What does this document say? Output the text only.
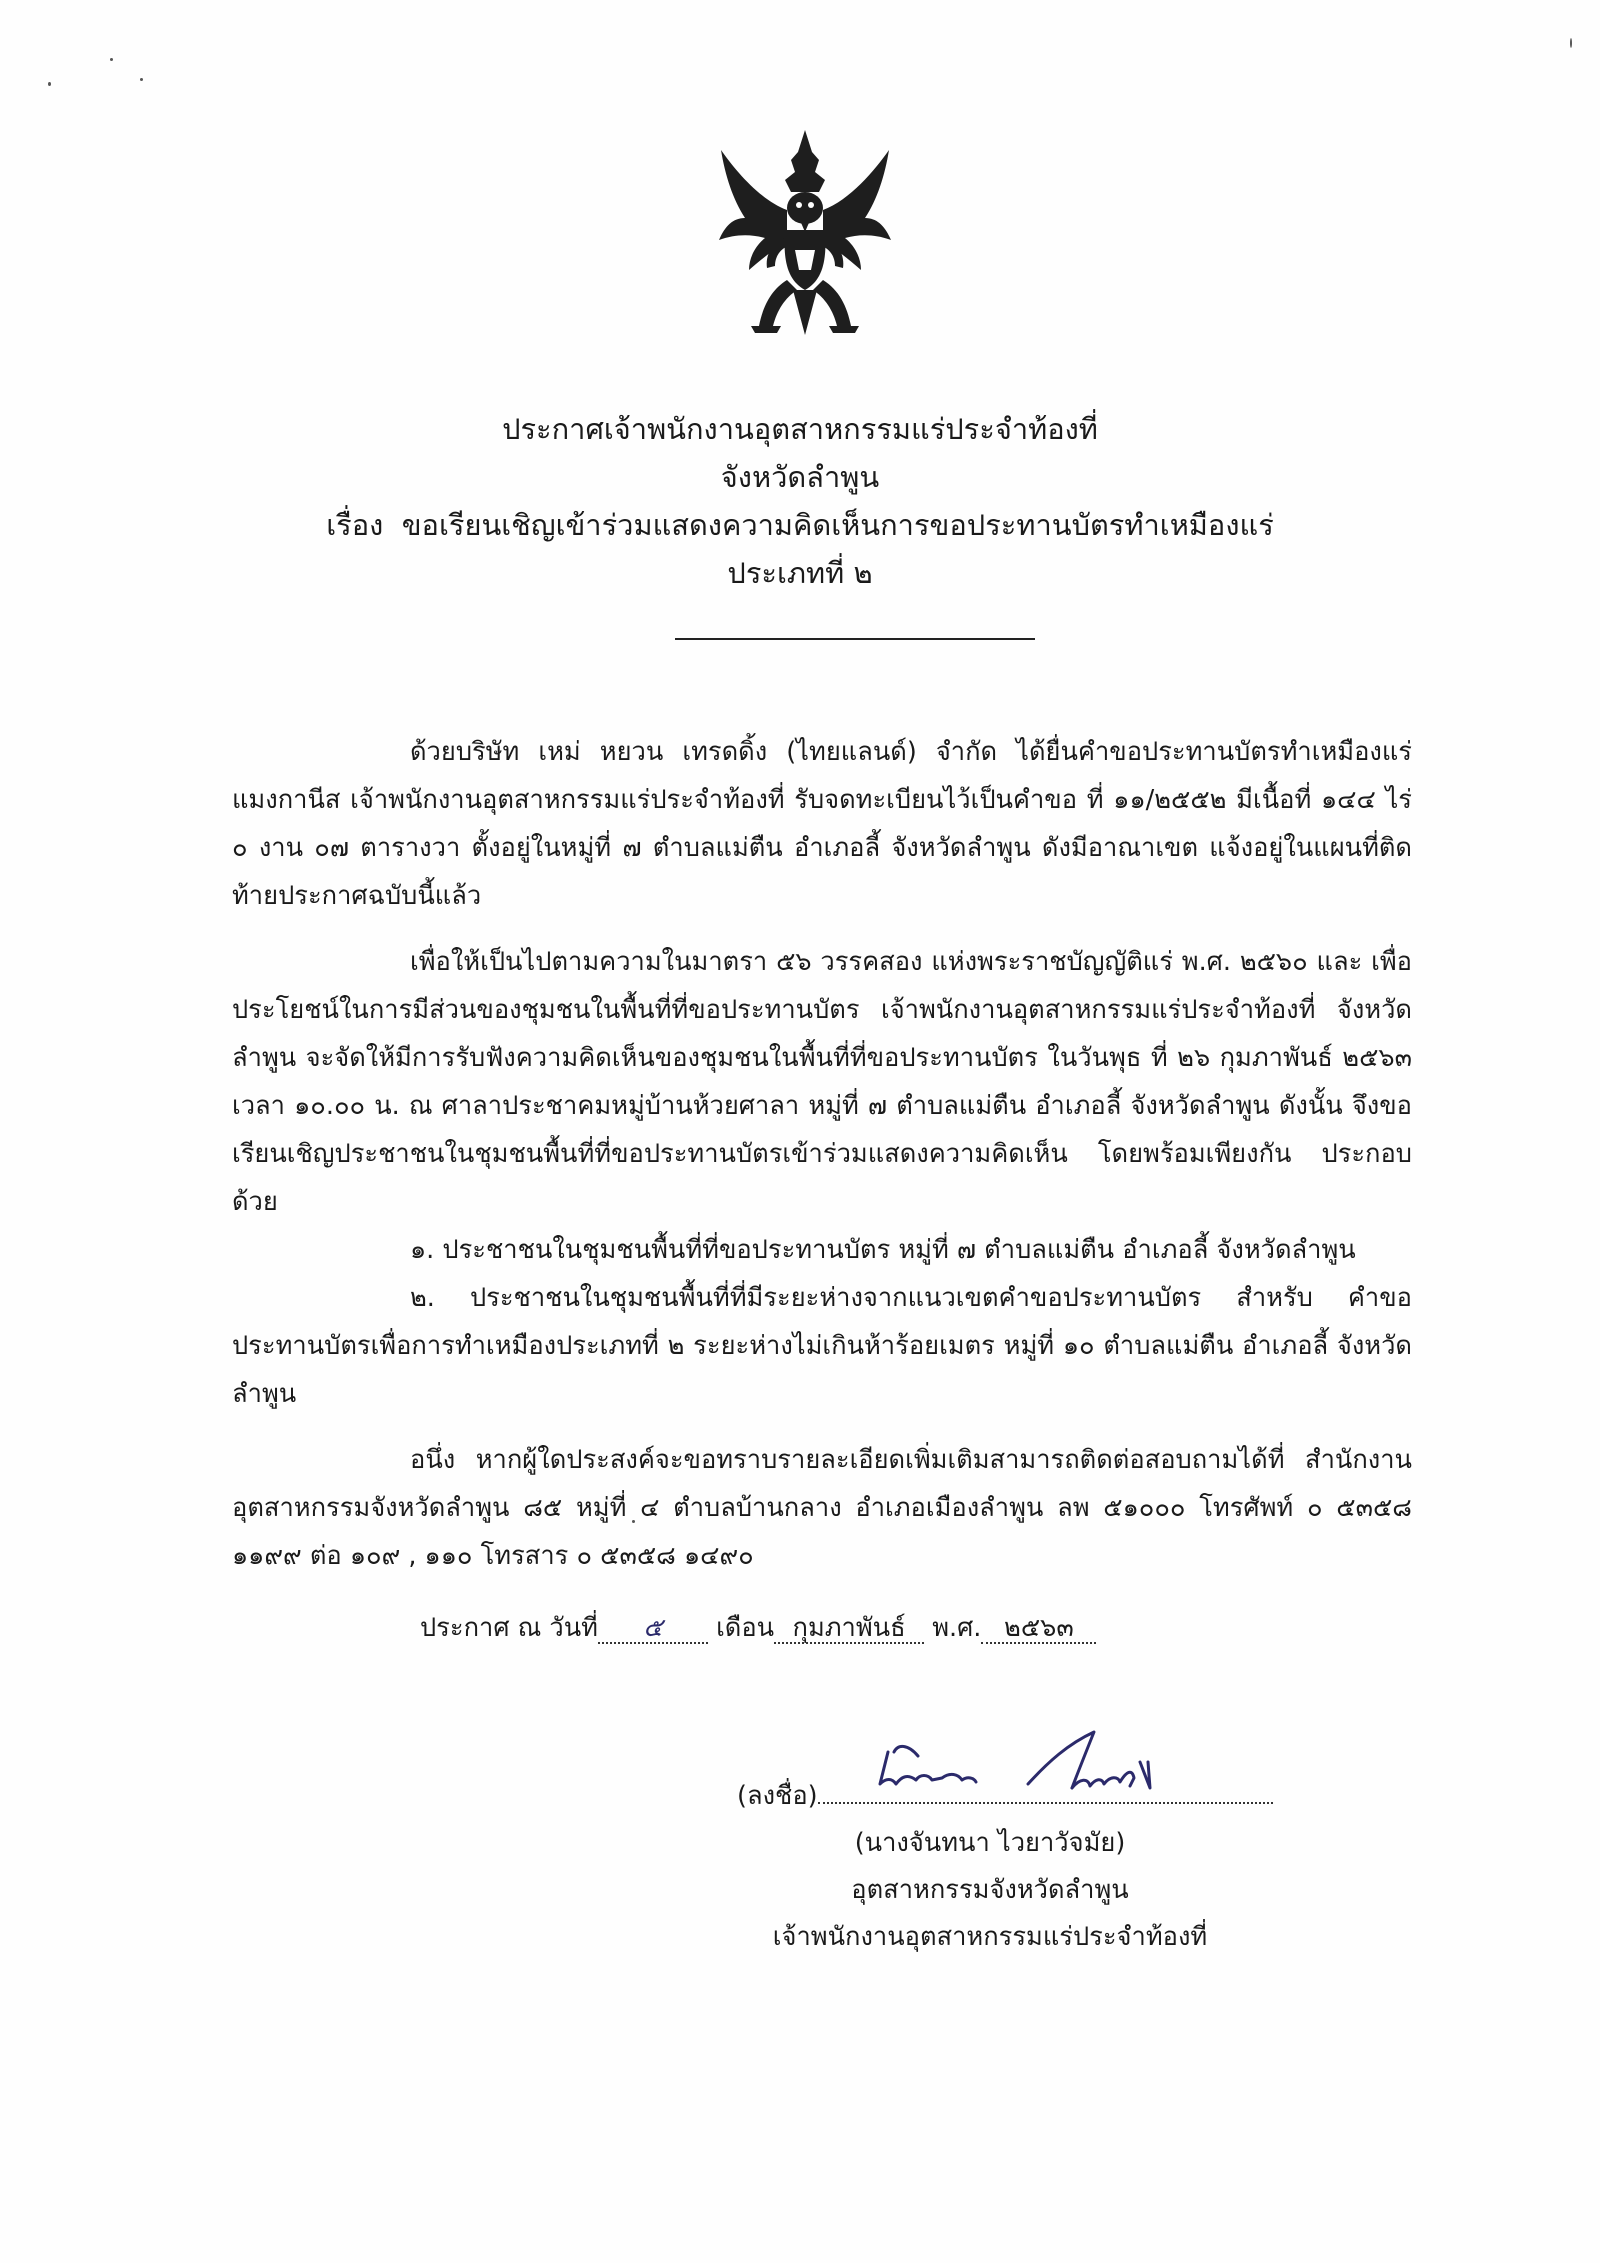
ประกาศเจ้าพนักงานอุตสาหกรรมแร่ประจำท้องที่
จังหวัดลำพูน
เรื่อง ขอเรียนเชิญเข้าร่วมแสดงความคิดเห็นการขอประทานบัตรทำเหมืองแร่
ประเภทที่ ๒
ด้วยบริษัท เหม่ หยวน เทรดดิ้ง (ไทยแลนด์) จำกัด ได้ยื่นคำขอประทานบัตรทำเหมืองแร่ แมงกานีส เจ้าพนักงานอุตสาหกรรมแร่ประจำท้องที่ รับจดทะเบียนไว้เป็นคำขอ ที่ ๑๑/๒๕๕๒ มีเนื้อที่ ๑๔๔ ไร่ ๐ งาน ๐๗ ตารางวา ตั้งอยู่ในหมู่ที่ ๗ ตำบลแม่ตืน อำเภอลี้ จังหวัดลำพูน ดังมีอาณาเขต แจ้งอยู่ในแผนที่ติดท้ายประกาศฉบับนี้แล้ว
เพื่อให้เป็นไปตามความในมาตรา ๕๖ วรรคสอง แห่งพระราชบัญญัติแร่ พ.ศ. ๒๕๖๐ และ เพื่อประโยชน์ในการมีส่วนของชุมชนในพื้นที่ที่ขอประทานบัตร เจ้าพนักงานอุตสาหกรรมแร่ประจำท้องที่ จังหวัดลำพูน จะจัดให้มีการรับฟังความคิดเห็นของชุมชนในพื้นที่ที่ขอประทานบัตร ในวันพุธ ที่ ๒๖ กุมภาพันธ์ ๒๕๖๓ เวลา ๑๐.๐๐ น. ณ ศาลาประชาคมหมู่บ้านห้วยศาลา หมู่ที่ ๗ ตำบลแม่ตืน อำเภอลี้ จังหวัดลำพูน ดังนั้น จึงขอเรียนเชิญประชาชนในชุมชนพื้นที่ที่ขอประทานบัตรเข้าร่วมแสดงความคิดเห็น โดยพร้อมเพียงกัน ประกอบด้วย
๑. ประชาชนในชุมชนพื้นที่ที่ขอประทานบัตร หมู่ที่ ๗ ตำบลแม่ตืน อำเภอลี้ จังหวัดลำพูน
๒. ประชาชนในชุมชนพื้นที่ที่มีระยะห่างจากแนวเขตคำขอประทานบัตร สำหรับ คำขอประทานบัตรเพื่อการทำเหมืองประเภทที่ ๒ ระยะห่างไม่เกินห้าร้อยเมตร หมู่ที่ ๑๐ ตำบลแม่ตืน อำเภอลี้ จังหวัดลำพูน
อนึ่ง หากผู้ใดประสงค์จะขอทราบรายละเอียดเพิ่มเติมสามารถติดต่อสอบถามได้ที่ สำนักงานอุตสาหกรรมจังหวัดลำพูน ๘๕ หมู่ที่ ๔ ตำบลบ้านกลาง อำเภอเมืองลำพูน ลพ ๕๑๐๐๐ โทรศัพท์ ๐ ๕๓๕๘ ๑๑๙๙ ต่อ ๑๐๙ , ๑๑๐ โทรสาร ๐ ๕๓๕๘ ๑๔๙๐
ประกาศ ณ วันที่ ๕ เดือน กุมภาพันธ์ พ.ศ. ๒๕๖๓
(ลงชื่อ)
(นางจันทนา ไวยาวัจมัย)
อุตสาหกรรมจังหวัดลำพูน
เจ้าพนักงานอุตสาหกรรมแร่ประจำท้องที่
